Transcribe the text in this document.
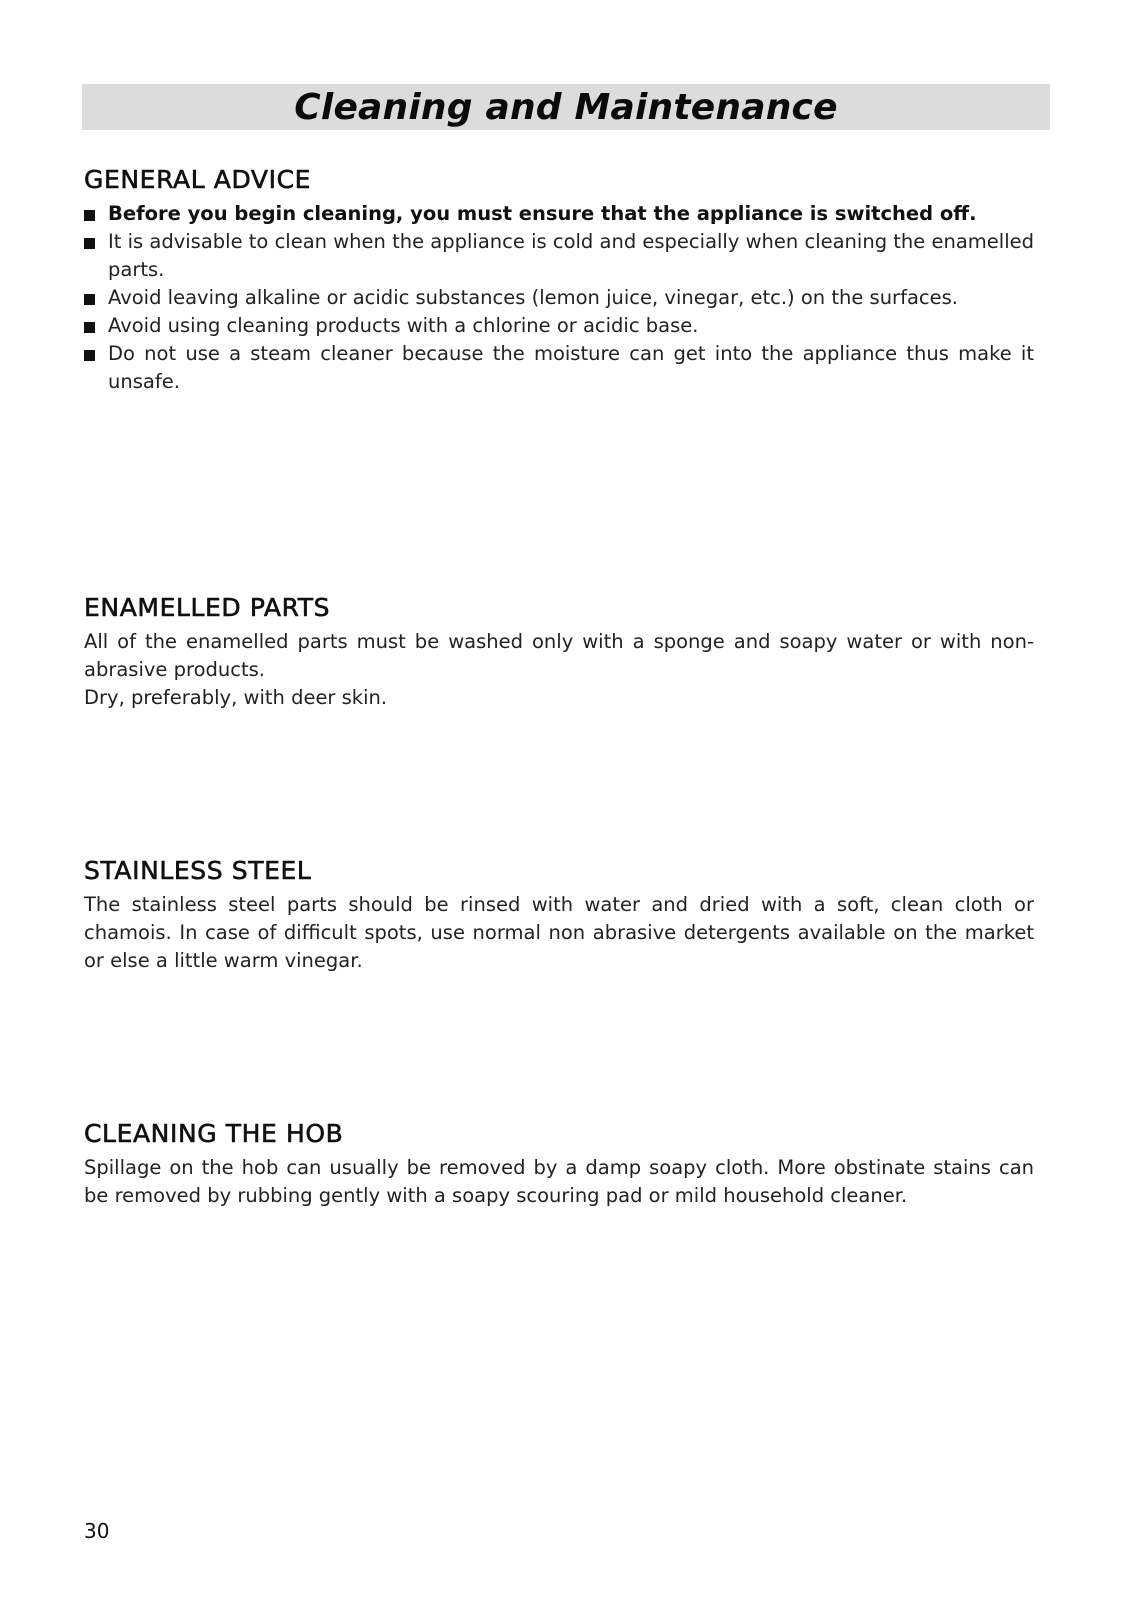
Cleaning and Maintenance
GENERAL ADVICE
Before you begin cleaning, you must ensure that the appliance is switched off.
It is advisable to clean when the appliance is cold and especially when cleaning the enamelled parts.
Avoid leaving alkaline or acidic substances (lemon juice, vinegar, etc.) on the surfaces.
Avoid using cleaning products with a chlorine or acidic base.
Do not use a steam cleaner because the moisture can get into the appliance thus make it unsafe.
ENAMELLED PARTS

All of the enamelled parts must be washed only with a sponge and soapy water or with non-abrasive products.
Dry, preferably, with deer skin.

STAINLESS STEEL

The stainless steel parts should be rinsed with water and dried with a soft, clean cloth or chamois. In case of difficult spots, use normal non abrasive detergents available on the market or else a little warm vinegar.

CLEANING THE HOB

Spillage on the hob can usually be removed by a damp soapy cloth. More obstinate stains can be removed by rubbing gently with a soapy scouring pad or mild household cleaner.

30
